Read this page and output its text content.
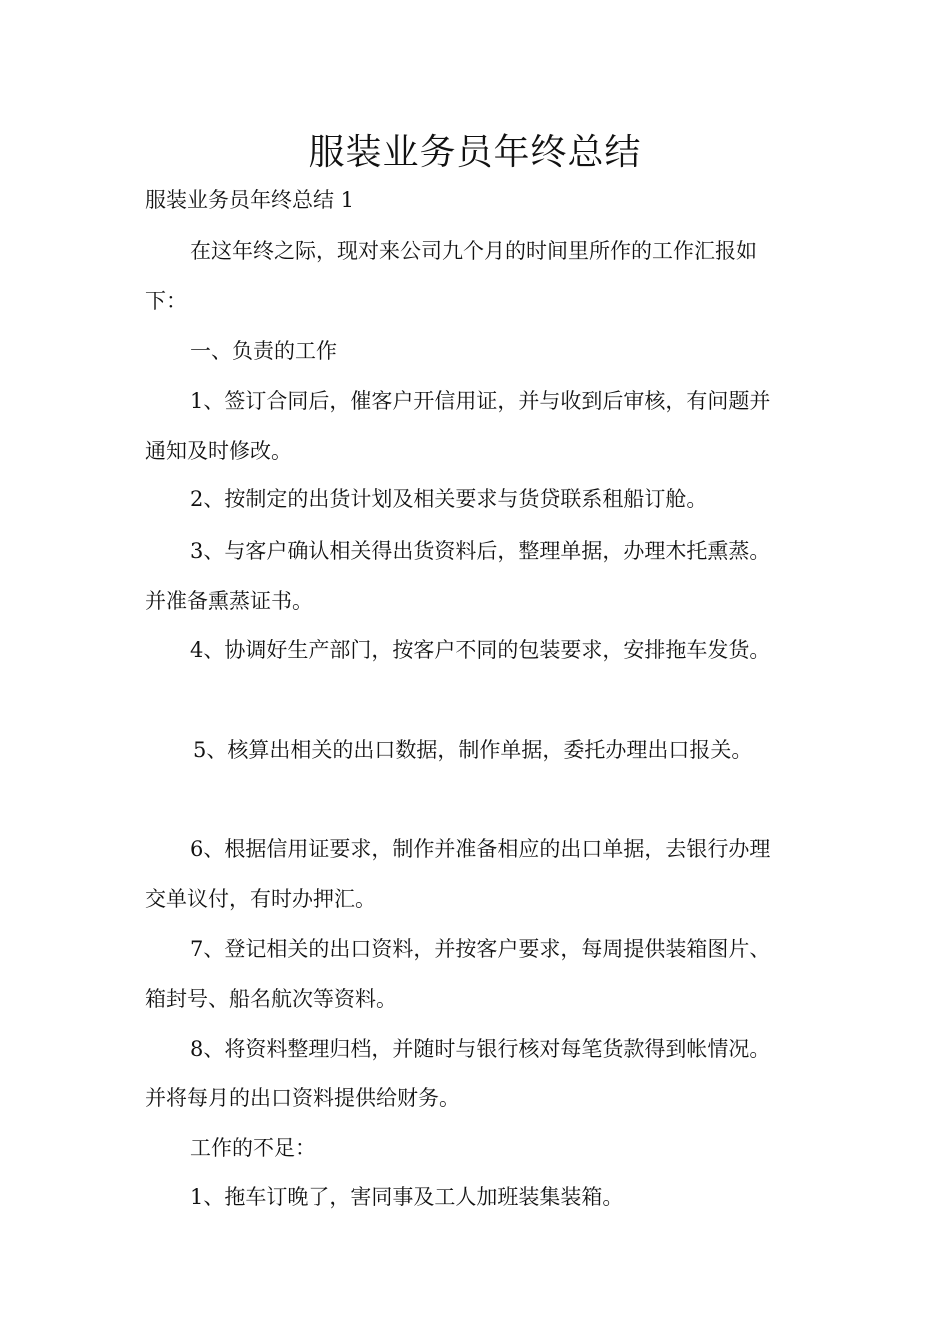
服装业务员年终总结
服装业务员年终总结 1
在这年终之际，现对来公司九个月的时间里所作的工作汇报如
下：
一、负责的工作
1、签订合同后，催客户开信用证，并与收到后审核，有问题并
通知及时修改。
2、按制定的出货计划及相关要求与货贷联系租船订舱。
3、与客户确认相关得出货资料后，整理单据，办理木托熏蒸。
并准备熏蒸证书。
4、协调好生产部门，按客户不同的包装要求，安排拖车发货。
5、核算出相关的出口数据，制作单据，委托办理出口报关。
6、根据信用证要求，制作并准备相应的出口单据，去银行办理
交单议付，有时办押汇。
7、登记相关的出口资料，并按客户要求，每周提供装箱图片、
箱封号、船名航次等资料。
8、将资料整理归档，并随时与银行核对每笔货款得到帐情况。
并将每月的出口资料提供给财务。
工作的不足：
1、拖车订晚了，害同事及工人加班装集装箱。
